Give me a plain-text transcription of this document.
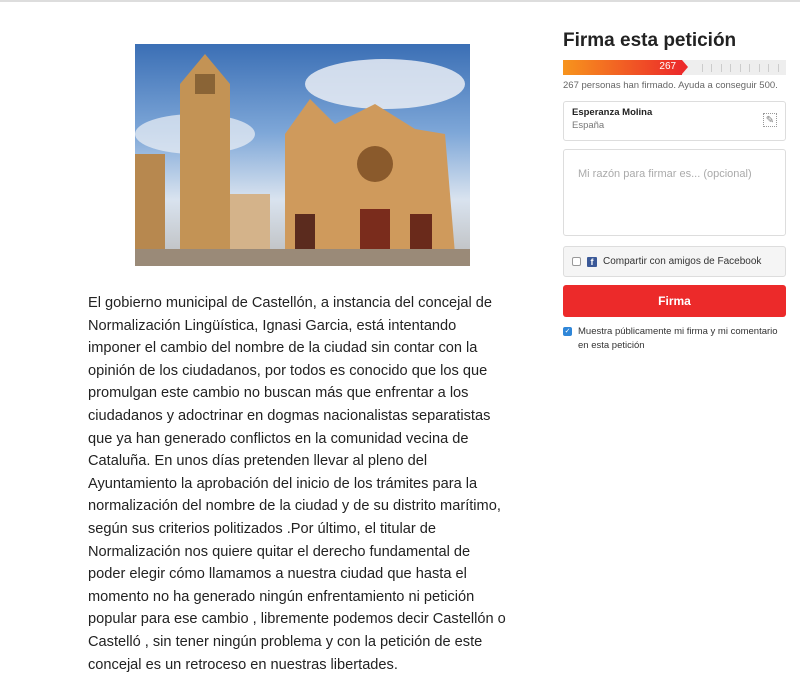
El gobierno municipal de Castellón, a instancia del concejal de
Normalización Lingüística, Ignasi Garcia, está intentando
imponer el cambio del nombre de la ciudad sin contar con la
opinión de los ciudadanos, por todos es conocido que los que
promulgan este cambio no buscan más que enfrentar a los
ciudadanos y adoctrinar en dogmas nacionalistas separatistas
que ya han generado conflictos en la comunidad vecina de
Cataluña. En unos días pretenden llevar al pleno del
Ayuntamiento la aprobación del inicio de los trámites para la
normalización del nombre de la ciudad y de su distrito marítimo,
según sus criterios politizados .Por último, el titular de
Normalización nos quiere quitar el derecho fundamental de
poder elegir cómo llamamos a nuestra ciudad que hasta el
momento no ha generado ningún enfrentamiento ni petición
popular para ese cambio , libremente podemos decir Castellón o
Castelló , sin tener ningún problema y con la petición de este
concejal es un retroceso en nuestras libertades.
Firma esta petición
267
267 personas han firmado. Ayuda a conseguir 500.
Esperanza Molina
España	✎
Mi razón para firmar es... (opcional)
f Compartir con amigos de Facebook
Firma
✓ Muestra públicamente mi firma y mi comentario en esta petición
